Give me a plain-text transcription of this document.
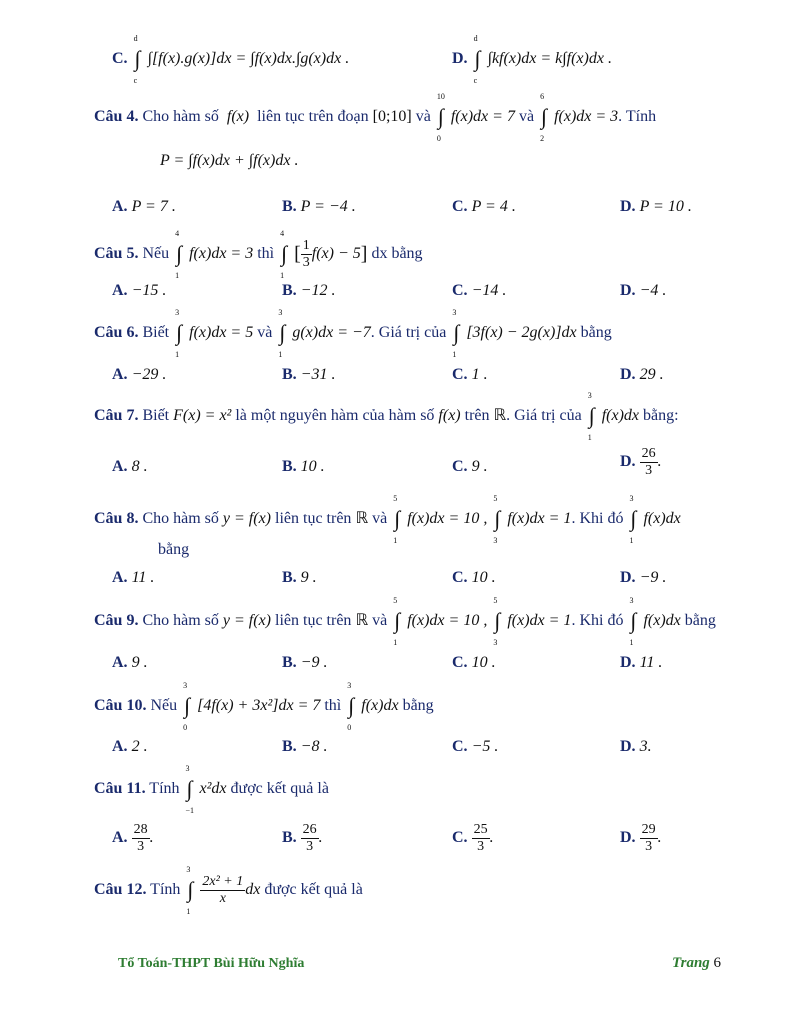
C. ∫
d
c
∫[f(x).g(x)]dx = ∫f(x)dx.∫g(x)dx .	D. ∫
d
c
∫kf(x)dx = k∫f(x)dx .
Câu 4. Cho hàm số  f(x)  liên tục trên đoạn [0;10] và ∫
10
0
f(x)dx = 7 và ∫
6
2
f(x)dx = 3. Tính
P = ∫f(x)dx + ∫f(x)dx .
A. P = 7 .	B. P = −4 .	C. P = 4 .	D. P = 10 .
Câu 5. Nếu ∫
4
1
f(x)dx = 3 thì ∫
4
1
[ $\frac{1}{3} f(x) - 5$] dx bằng
A. −15 .	B. −12 .	C. −14 .	D. −4 .
Câu 6. Biết ∫
3
1
f(x)dx = 5 và ∫
3
1
g(x)dx = −7. Giá trị của ∫
3
1
[3f(x) − 2g(x)]dx bằng
A. −29 .	B. −31 .	C. 1 .	D. 29 .
Câu 7. Biết F(x) = x² là một nguyên hàm của hàm số f(x) trên ℝ. Giá trị của ∫
3
1
f(x)dx bằng:
A. 8 .	B. 10 .	C. 9 .	D. $\frac{26}{3}$ .
Câu 8. Cho hàm số y = f(x) liên tục trên ℝ và ∫
5
1
f(x)dx = 10 , ∫
5
3
f(x)dx = 1. Khi đó ∫
3
1
f(x)dx
bằng
A. 11 .	B. 9 .	C. 10 .	D. −9 .
Câu 9. Cho hàm số y = f(x) liên tục trên ℝ và ∫
5
1
f(x)dx = 10 , ∫
5
3
f(x)dx = 1. Khi đó ∫
3
1
f(x)dx bằng
A. 9 .	B. −9 .	C. 10 .	D. 11 .
Câu 10. Nếu ∫
3
0
[4f(x) + 3x²]dx = 7 thì ∫
3
0
f(x)dx bằng
A. 2 .	B. −8 .	C. −5 .	D. 3.
Câu 11. Tính ∫
3
−1
x²dx được kết quả là
A. $\frac{28}{3}$ .	B. $\frac{26}{3}$ .	C. $\frac{25}{3}$ .	D. $\frac{29}{3}$ .
Câu 12. Tính ∫
3
1

$\frac{\text{2x² + 1}}{x}$ dx được kết quả là
Tổ Toán-THPT Bùi Hữu Nghĩa	Trang 6
